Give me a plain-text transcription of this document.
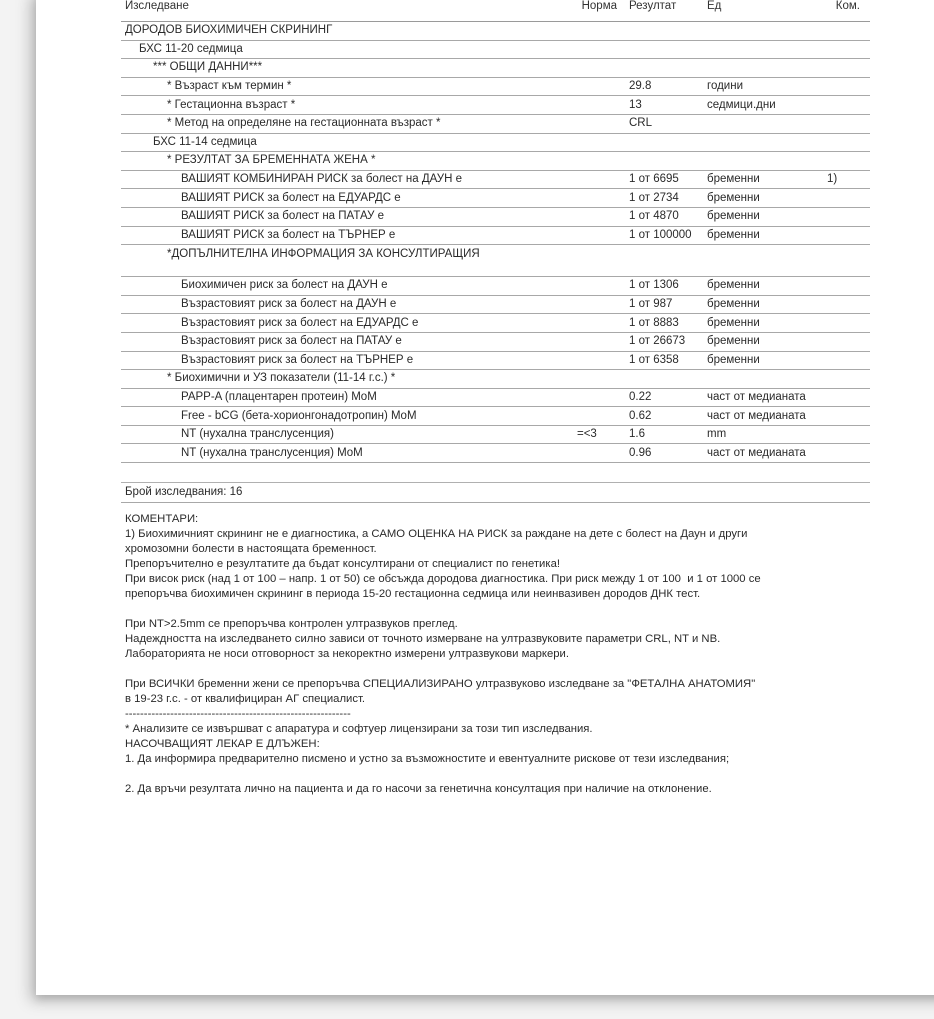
Изследване	Норма	Резултат	Ед	Ком.
ДОРОДОВ БИОХИМИЧЕН СКРИНИНГ				
БХС 11-20 седмица				
*** ОБЩИ ДАННИ***				
* Възраст към термин *		29.8	години	
* Гестационна възраст *		13	седмици.дни	
* Метод на определяне на гестационната възраст *		CRL		
БХС 11-14 седмица				
* РЕЗУЛТАТ ЗА БРЕМЕННАТА ЖЕНА *				
ВАШИЯТ КОМБИНИРАН РИСК за болест на ДАУН е		1 от 6695	бременни	1)
ВАШИЯТ РИСК за болест на ЕДУАРДС е		1 от 2734	бременни	
ВАШИЯТ РИСК за болест на ПАТАУ е		1 от 4870	бременни	
ВАШИЯТ РИСК за болест на ТЪРНЕР е		1 от 100000	бременни	
*ДОПЪЛНИТЕЛНА ИНФОРМАЦИЯ ЗА КОНСУЛТИРАЩИЯ				
Биохимичен риск за болест на ДАУН е		1 от 1306	бременни	
Възрастовият риск за болест на ДАУН е		1 от 987	бременни	
Възрастовият риск за болест на ЕДУАРДС е		1 от 8883	бременни	
Възрастовият риск за болест на ПАТАУ е		1 от 26673	бременни	
Възрастовият риск за болест на ТЪРНЕР е		1 от 6358	бременни	
* Биохимични и УЗ показатели (11-14 г.с.) *				
PAPP-A (плацентарен протеин) MoM		0.22	част от медианата	
Free - bCG (бета-хорионгонадотропин) MoM		0.62	част от медианата	
NT (нухална транслусенция)	=<3	1.6	mm	
NT (нухална транслусенция) MoM		0.96	част от медианата	
Брой изследвания: 16

КОМЕНТАРИ:

1) Биохимичният скрининг не е диагностика, а САМО ОЦЕНКА НА РИСК за раждане на дете с болест на Даун и други

хромозомни болести в настоящата бременност.

Препоръчително е резултатите да бъдат консултирани от специалист по генетика!

При висок риск (над 1 от 100 – напр. 1 от 50) се обсъжда дородова диагностика. При риск между 1 от 100  и 1 от 1000 се

препоръчва биохимичен скрининг в периода 15-20 гестационна седмица или неинвазивен дородов ДНК тест.

При NT>2.5mm се препоръчва контролен ултразвуков преглед.

Надеждността на изследването силно зависи от точното измерване на ултразвуковите параметри CRL, NT и NB.

Лабораторията не носи отговорност за некоректно измерени ултразвукови маркери.

При ВСИЧКИ бременни жени се препоръчва СПЕЦИАЛИЗИРАНО ултразвуково изследване за "ФЕТАЛНА АНАТОМИЯ"

в 19-23 г.с. - от квалифициран АГ специалист.

------------------------------------------------------------

* Анализите се извършват с апаратура и софтуер лицензирани за този тип изследвания.

НАСОЧВАЩИЯТ ЛЕКАР Е ДЛЪЖЕН:

1. Да информира предварително писмено и устно за възможностите и евентуалните рискове от тези изследвания;

2. Да връчи резултата лично на пациента и да го насочи за генетична консултация при наличие на отклонение.
